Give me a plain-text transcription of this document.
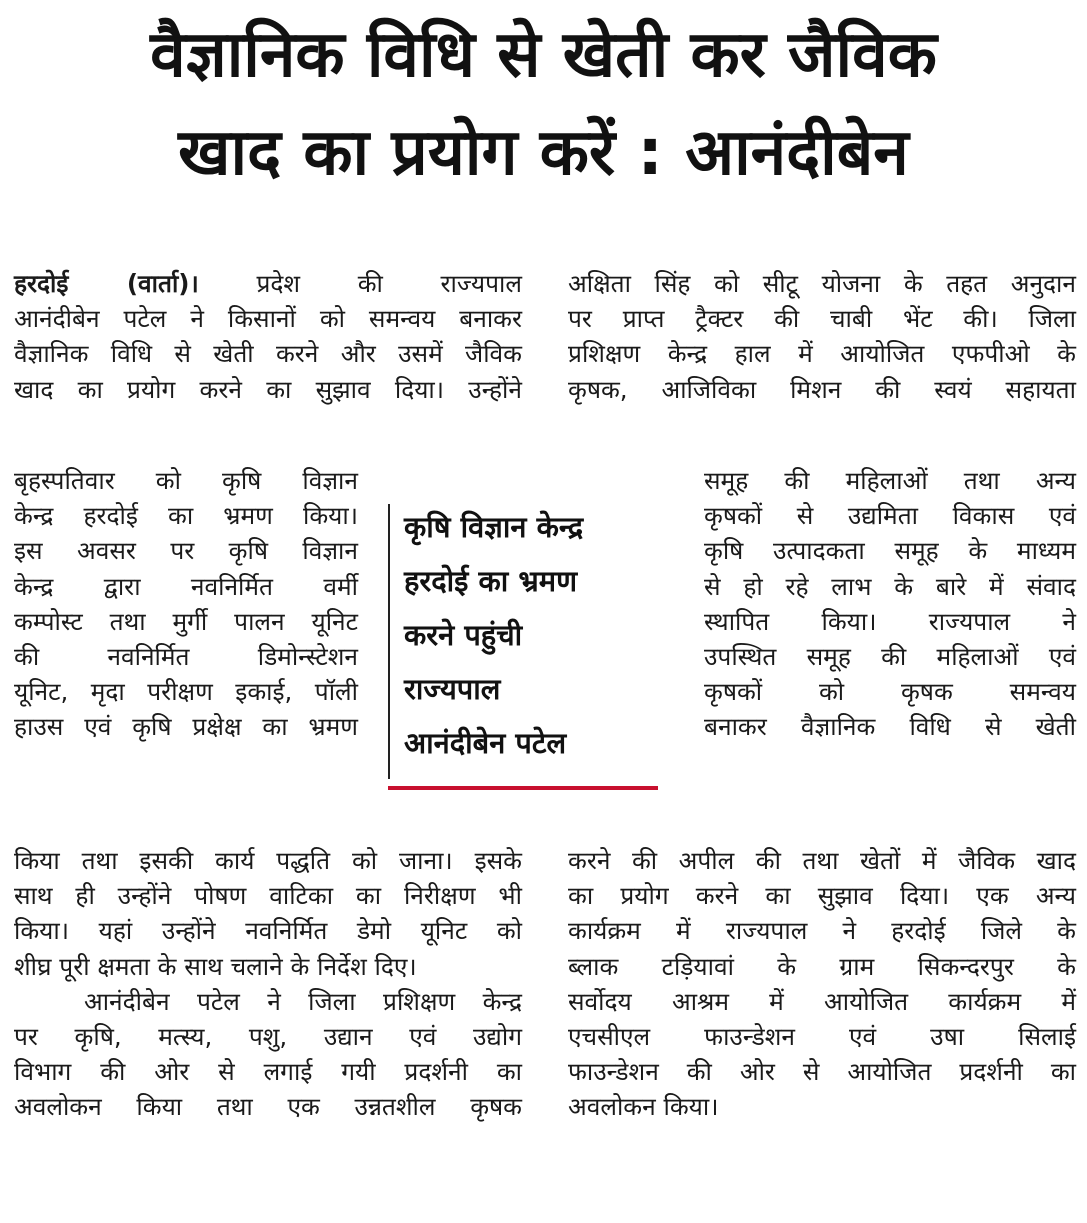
वैज्ञानिक विधि से खेती कर जैविक
खाद का प्रयोग करें : आनंदीबेन

हरदोई (वार्ता)। प्रदेश की राज्यपाल

आनंदीबेन पटेल ने किसानों को समन्वय बनाकर

वैज्ञानिक विधि से खेती करने और उसमें जैविक

खाद का प्रयोग करने का सुझाव दिया। उन्होंने

बृहस्पतिवार को कृषि विज्ञान

केन्द्र हरदोई का भ्रमण किया।

इस अवसर पर कृषि विज्ञान

केन्द्र द्वारा नवनिर्मित वर्मी

कम्पोस्ट तथा मुर्गी पालन यूनिट

की नवनिर्मित डिमोन्स्टेशन

यूनिट, मृदा परीक्षण इकाई, पॉली

हाउस एवं कृषि प्रक्षेक्ष का भ्रमण

किया तथा इसकी कार्य पद्धति को जाना। इसके

साथ ही उन्होंने पोषण वाटिका का निरीक्षण भी

किया। यहां उन्होंने नवनिर्मित डेमो यूनिट को

शीघ्र पूरी क्षमता के साथ चलाने के निर्देश दिए।

आनंदीबेन पटेल ने जिला प्रशिक्षण केन्द्र

पर कृषि, मत्स्य, पशु, उद्यान एवं उद्योग

विभाग की ओर से लगाई गयी प्रदर्शनी का

अवलोकन किया तथा एक उन्नतशील कृषक

अक्षिता सिंह को सीटू योजना के तहत अनुदान

पर प्राप्त ट्रैक्टर की चाबी भेंट की। जिला

प्रशिक्षण केन्द्र हाल में आयोजित एफपीओ के

कृषक, आजिविका मिशन की स्वयं सहायता

समूह की महिलाओं तथा अन्य

कृषकों से उद्यमिता विकास एवं

कृषि उत्पादकता समूह के माध्यम

से हो रहे लाभ के बारे में संवाद

स्थापित किया। राज्यपाल ने

उपस्थित समूह की महिलाओं एवं

कृषकों को कृषक समन्वय

बनाकर वैज्ञानिक विधि से खेती

करने की अपील की तथा खेतों में जैविक खाद

का प्रयोग करने का सुझाव दिया। एक अन्य

कार्यक्रम में राज्यपाल ने हरदोई जिले के

ब्लाक टड़ियावां के ग्राम सिकन्दरपुर के

सर्वोदय आश्रम में आयोजित कार्यक्रम में

एचसीएल फाउन्डेशन एवं उषा सिलाई

फाउन्डेशन की ओर से आयोजित प्रदर्शनी का

अवलोकन किया।

कृषि विज्ञान केन्द्र
हरदोई का भ्रमण
करने पहुंची
राज्यपाल
आनंदीबेन पटेल
